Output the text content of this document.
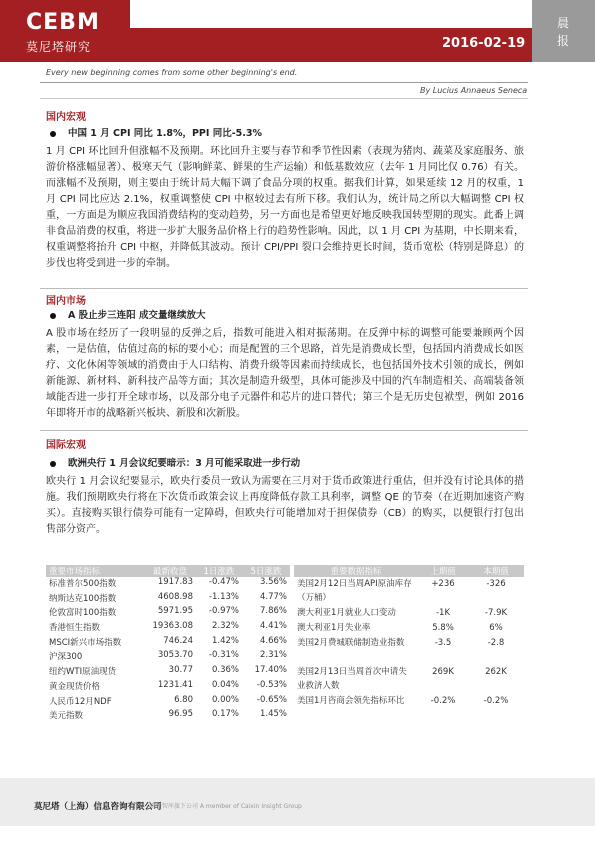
CEBM
莫尼塔研究	2016-02-19
晨报
Every new beginning comes from some other beginning's end.
By Lucius Annaeus Seneca
国内宏观
中国 1 月 CPI 同比 1.8%，PPI 同比-5.3%
1 月 CPI 环比回升但涨幅不及预期。环比回升主要与春节和季节性因素（表现为猪肉、蔬菜及家庭服务、旅游价格涨幅显著）、极寒天气（影响鲜菜、鲜果的生产运输）和低基数效应（去年 1 月同比仅 0.76）有关。而涨幅不及预期，则主要由于统计局大幅下调了食品分项的权重。据我们计算，如果延续 12 月的权重，1 月 CPI 同比应达 2.1%，权重调整使 CPI 中枢较过去有所下移。我们认为，统计局之所以大幅调整 CPI 权重，一方面是为顺应我国消费结构的变动趋势，另一方面也是希望更好地反映我国转型期的现实。此番上调非食品消费的权重，将进一步扩大服务品价格上行的趋势性影响。因此，以 1 月 CPI 为基期，中长期来看，权重调整将抬升 CPI 中枢，并降低其波动。预计 CPI/PPI 裂口会维持更长时间，货币宽松（特别是降息）的步伐也将受到进一步的牵制。
国内市场
A 股止步三连阳 成交量继续放大
A 股市场在经历了一段明显的反弹之后，指数可能进入相对振荡期。在反弹中标的调整可能要兼顾两个因素，一是估值，估值过高的标的要小心；而是配置的三个思路，首先是消费成长型，包括国内消费成长如医疗、文化休闲等领域的消费由于人口结构、消费升级等因素而持续成长，也包括国外技术引领的成长，例如新能源、新材料、新科技产品等方面；其次是制造升级型，具体可能涉及中国的汽车制造相关、高端装备领域能否进一步打开全球市场，以及部分电子元器件和芯片的进口替代；第三个是无历史包袱型，例如 2016 年即将开市的战略新兴板块、新股和次新股。
国际宏观
欧洲央行 1 月会议纪要暗示：3 月可能采取进一步行动
欧央行 1 月会议纪要显示，欧央行委员一致认为需要在三月对于货币政策进行重估，但并没有讨论具体的措施。我们预期欧央行将在下次货币政策会议上再度降低存款工具利率，调整 QE 的节奏（在近期加速资产购买）。直接购买银行债券可能有一定障碍，但欧央行可能增加对于担保债券（CB）的购买，以便银行打包出售部分资产。
重要市场指标	最新收盘	1日涨跌	5日涨跌
标准普尔500指数	1917.83	-0.47%	3.56%
纳斯达克100指数	4608.98	-1.13%	4.77%
伦敦富时100指数	5971.95	-0.97%	7.86%
香港恒生指数	19363.08	2.32%	4.41%
MSCI新兴市场指数	746.24	1.42%	4.66%
沪深300	3053.70	-0.31%	2.31%
纽约WTI原油现货	30.77	0.36%	17.40%
黄金现货价格	1231.41	0.04%	-0.53%
人民币12月NDF	6.80	0.00%	-0.65%
美元指数	96.95	0.17%	1.45%
重要数据指标	上期值	本期值
美国2月12日当周API原油库存（万桶）	+236	-326
澳大利亚1月就业人口变动	-1K	-7.9K
澳大利亚1月失业率	5.8%	6%
美国2月费城联储制造业指数	-3.5	-2.8
美国2月13日当周首次申请失业救济人数	269K	262K
美国1月咨商会领先指标环比	-0.2%	-0.2%
莫尼塔（上海）信息咨询有限公司
财新智库旗下公司 A member of Caixin Insight Group
